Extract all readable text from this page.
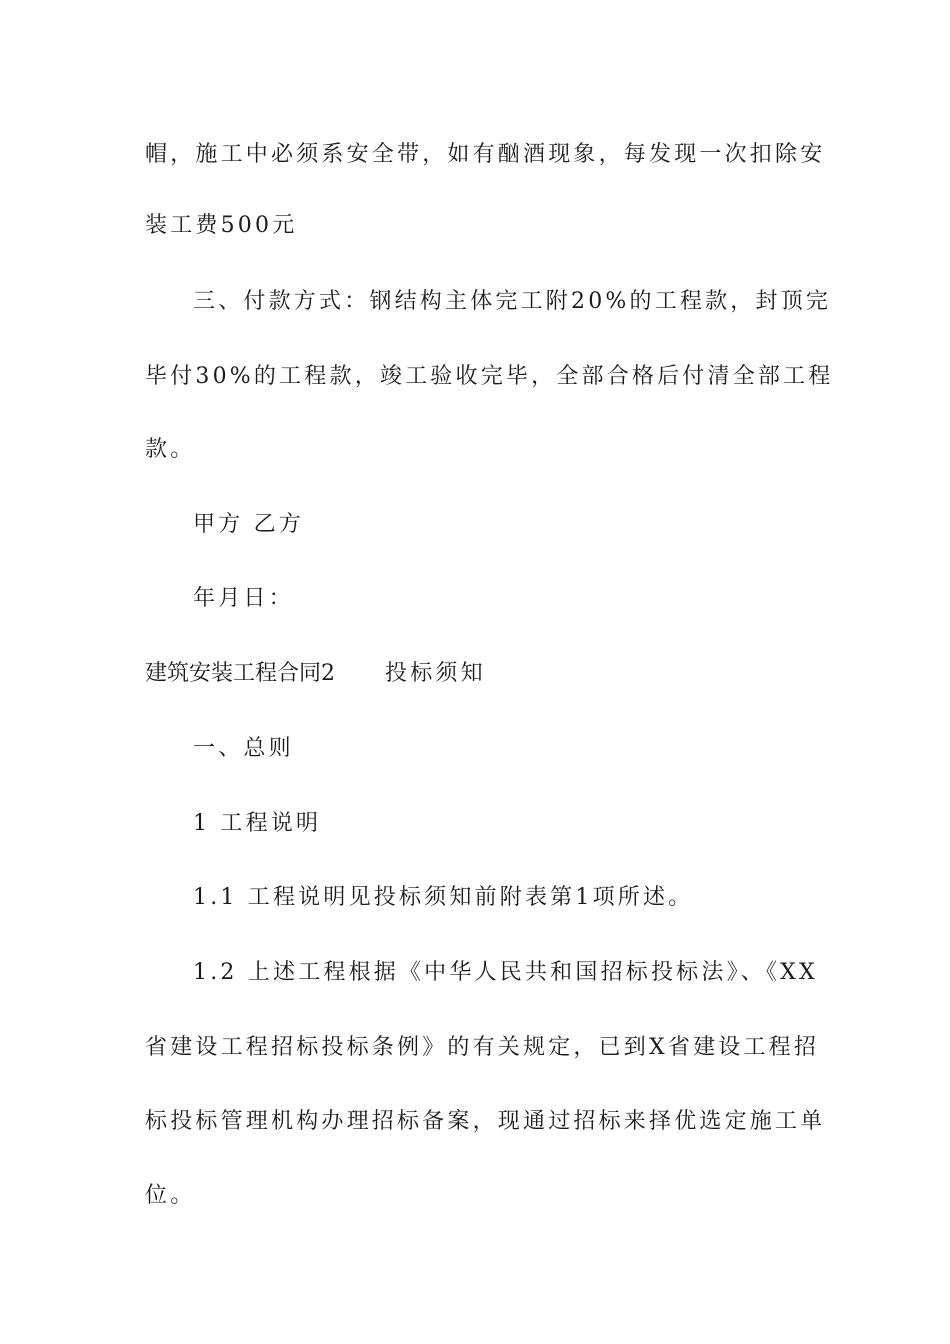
帽，施工中必须系安全带，如有酗酒现象，每发现一次扣除安
装工费500元
三、付款方式：钢结构主体完工附20%的工程款，封顶完
毕付30%的工程款，竣工验收完毕，全部合格后付清全部工程
款。
甲方 乙方
年月日：
建筑安装工程合同2 投标须知
一、总则
1 工程说明
1.1 工程说明见投标须知前附表第1项所述。
1.2 上述工程根据《中华人民共和国招标投标法》、《XX
省建设工程招标投标条例》的有关规定，已到X省建设工程招
标投标管理机构办理招标备案，现通过招标来择优选定施工单
位。
